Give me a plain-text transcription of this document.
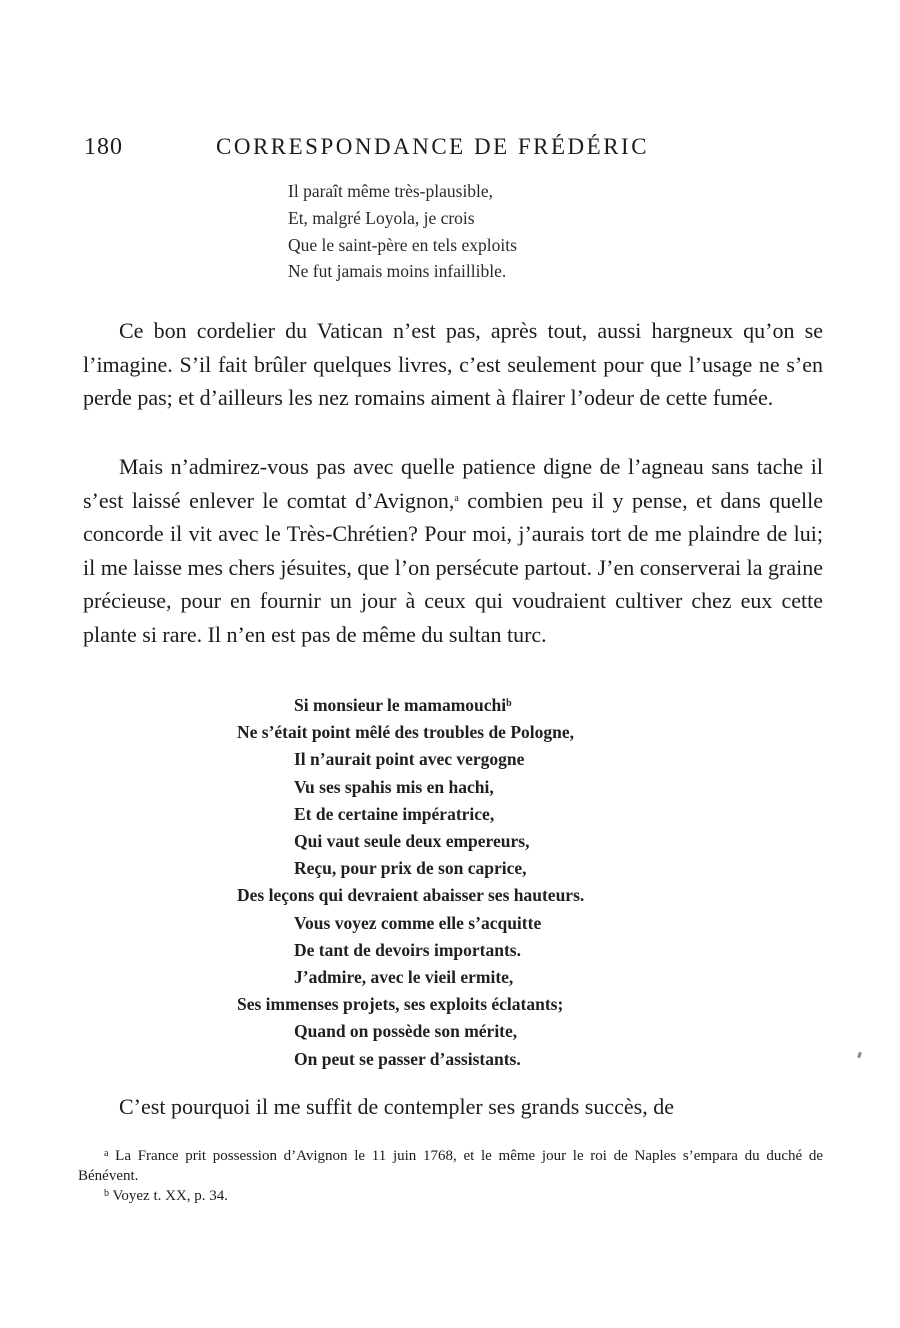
180	CORRESPONDANCE DE FRÉDÉRIC
Il paraît même très-plausible,
Et, malgré Loyola, je crois
Que le saint-père en tels exploits
Ne fut jamais moins infaillible.

Ce bon cordelier du Vatican n’est pas, après tout, aussi hargneux qu’on se l’imagine. S’il fait brûler quelques livres, c’est seulement pour que l’usage ne s’en perde pas; et d’ailleurs les nez romains aiment à flairer l’odeur de cette fumée.

Mais n’admirez-vous pas avec quelle patience digne de l’agneau sans tache il s’est laissé enlever le comtat d’Avignon,$^a$ combien peu il y pense, et dans quelle concorde il vit avec le Très-Chrétien? Pour moi, j’aurais tort de me plaindre de lui; il me laisse mes chers jésuites, que l’on persécute partout. J’en conserverai la graine précieuse, pour en fournir un jour à ceux qui voudraient cultiver chez eux cette plante si rare. Il n’en est pas de même du sultan turc.

Si monsieur le mamamouchi$^b$
Ne s’était point mêlé des troubles de Pologne,
Il n’aurait point avec vergogne
Vu ses spahis mis en hachi,
Et de certaine impératrice,
Qui vaut seule deux empereurs,
Reçu, pour prix de son caprice,
Des leçons qui devraient abaisser ses hauteurs.
Vous voyez comme elle s’acquitte
De tant de devoirs importants.
J’admire, avec le vieil ermite,
Ses immenses projets, ses exploits éclatants;
Quand on possède son mérite,
On peut se passer d’assistants.
C’est pourquoi il me suffit de contempler ses grands succès, de

$^a$ La France prit possession d’Avignon le 11 juin 1768, et le même jour le roi de Naples s’empara du duché de Bénévent.

$^b$ Voyez t. XX, p. 34.
